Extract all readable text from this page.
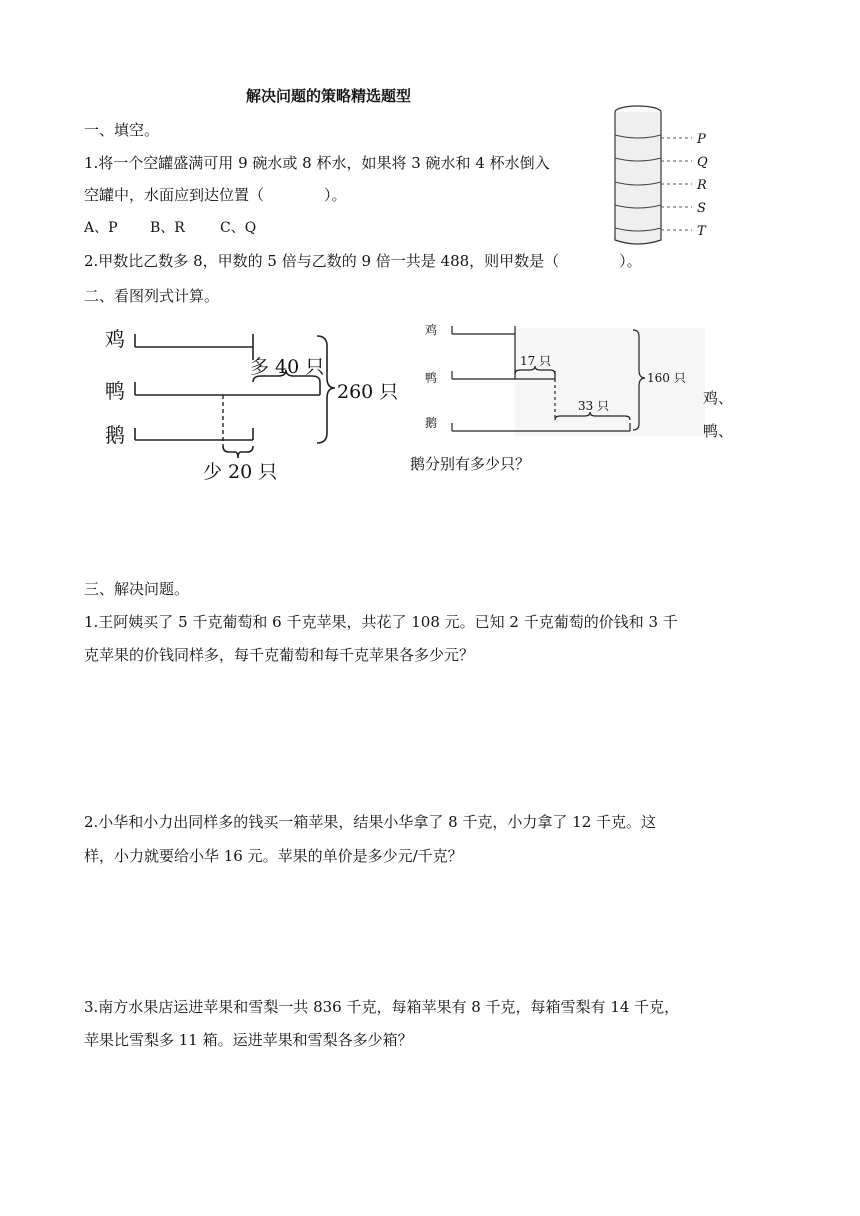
解决问题的策略精选题型
一、填空。
1.将一个空罐盛满可用 9 碗水或 8 杯水，如果将 3 碗水和 4 杯水倒入
空罐中，水面应到达位置（　　　　）。
A、P B、R	C、Q
2.甲数比乙数多 8，甲数的 5 倍与乙数的 9 倍一共是 488，则甲数是（　　　　）。
P
Q
R
S
T
二、看图列式计算。
鸡
鸭
鹅
多 40 只
260 只
少 20 只
鸡
鸭
鹅
17 只
33 只
160 只
鸡、
鸭、
鹅分别有多少只？
三、解决问题。
1.王阿姨买了 5 千克葡萄和 6 千克苹果，共花了 108 元。已知 2 千克葡萄的价钱和 3 千
克苹果的价钱同样多，每千克葡萄和每千克苹果各多少元？
2.小华和小力出同样多的钱买一箱苹果，结果小华拿了 8 千克，小力拿了 12 千克。这
样，小力就要给小华 16 元。苹果的单价是多少元/千克？
3.南方水果店运进苹果和雪梨一共 836 千克，每箱苹果有 8 千克，每箱雪梨有 14 千克，
苹果比雪梨多 11 箱。运进苹果和雪梨各多少箱？
